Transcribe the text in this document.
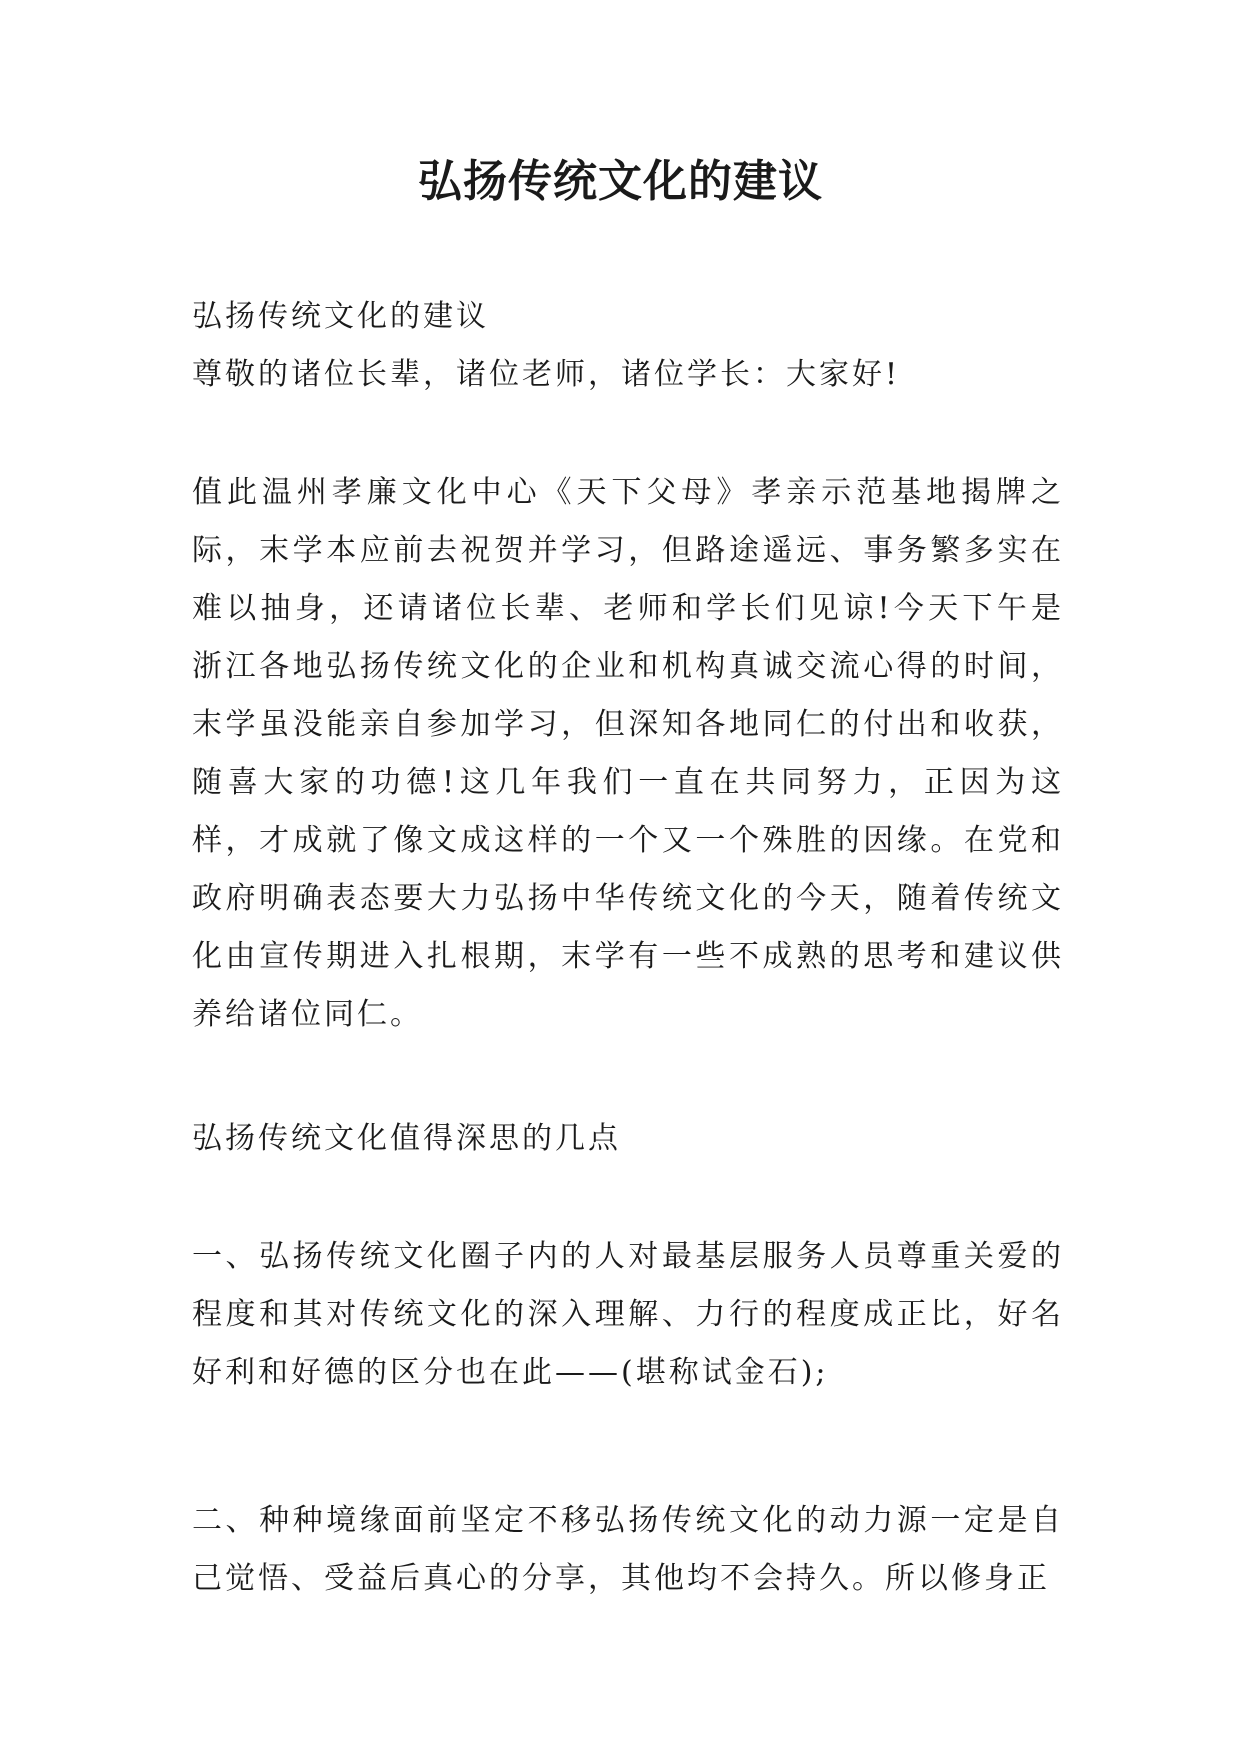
弘扬传统文化的建议

弘扬传统文化的建议

尊敬的诸位长辈，诸位老师，诸位学长：大家好!

值此温州孝廉文化中心《天下父母》孝亲示范基地揭牌之际，末学本应前去祝贺并学习，但路途遥远、事务繁多实在难以抽身，还请诸位长辈、老师和学长们见谅!今天下午是浙江各地弘扬传统文化的企业和机构真诚交流心得的时间，末学虽没能亲自参加学习，但深知各地同仁的付出和收获，随喜大家的功德!这几年我们一直在共同努力，正因为这样，才成就了像文成这样的一个又一个殊胜的因缘。在党和政府明确表态要大力弘扬中华传统文化的今天，随着传统文化由宣传期进入扎根期，末学有一些不成熟的思考和建议供养给诸位同仁。

弘扬传统文化值得深思的几点

一、弘扬传统文化圈子内的人对最基层服务人员尊重关爱的程度和其对传统文化的深入理解、力行的程度成正比，好名好利和好德的区分也在此——(堪称试金石);

二、种种境缘面前坚定不移弘扬传统文化的动力源一定是自己觉悟、受益后真心的分享，其他均不会持久。所以修身正
